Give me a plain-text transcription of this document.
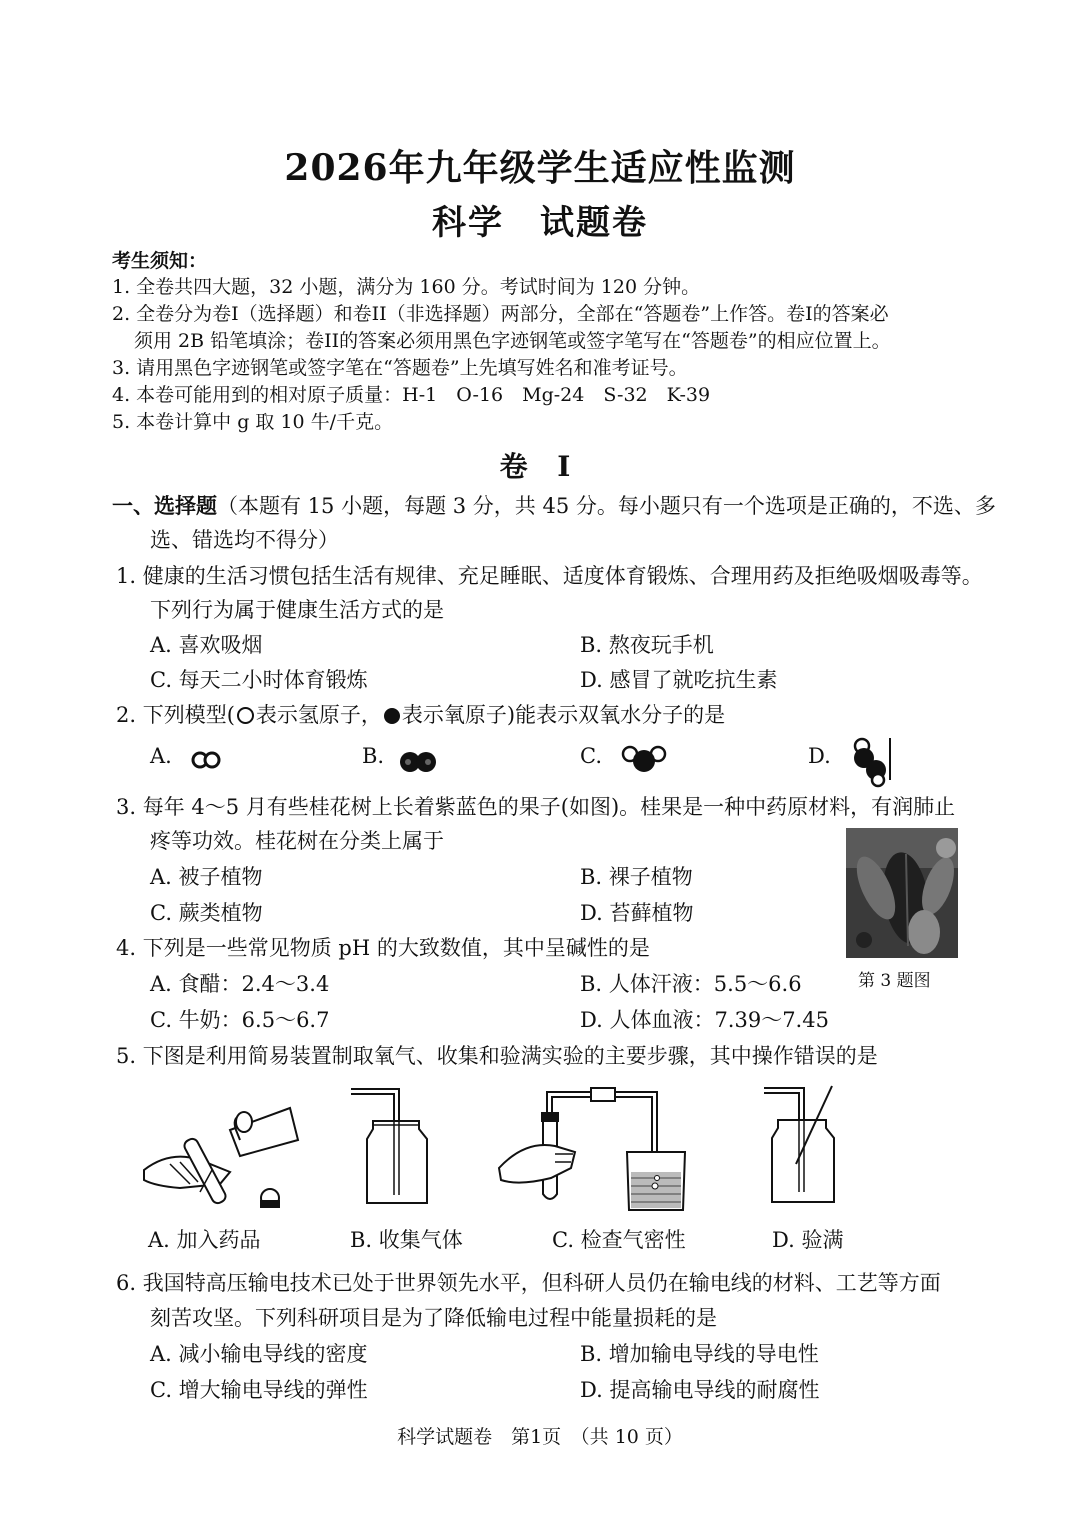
2026年九年级学生适应性监测
科学　试题卷
考生须知：
1. 全卷共四大题，32 小题，满分为 160 分。考试时间为 120 分钟。
2. 全卷分为卷I（选择题）和卷II（非选择题）两部分，全部在“答题卷”上作答。卷I的答案必
须用 2B 铅笔填涂；卷II的答案必须用黑色字迹钢笔或签字笔写在“答题卷”的相应位置上。
3. 请用黑色字迹钢笔或签字笔在“答题卷”上先填写姓名和准考证号。
4. 本卷可能用到的相对原子质量：H-1　O-16　Mg-24　S-32　K-39
5. 本卷计算中 g 取 10 牛/千克。
卷 I
一、选择题（本题有 15 小题，每题 3 分，共 45 分。每小题只有一个选项是正确的，不选、多
选、错选均不得分）
1. 健康的生活习惯包括生活有规律、充足睡眠、适度体育锻炼、合理用药及拒绝吸烟吸毒等。
下列行为属于健康生活方式的是
A. 喜欢吸烟	B. 熬夜玩手机
C. 每天二小时体育锻炼	D. 感冒了就吃抗生素
2. 下列模型( 表示氢原子， 表示氧原子)能表示双氧水分子的是
A.	B.	C.	D.
3. 每年 4～5 月有些桂花树上长着紫蓝色的果子(如图)。桂果是一种中药原材料，有润肺止
疼等功效。桂花树在分类上属于
A. 被子植物	B. 裸子植物
C. 蕨类植物	D. 苔藓植物
第 3 题图
4. 下列是一些常见物质 pH 的大致数值，其中呈碱性的是
A. 食醋：2.4～3.4	B. 人体汗液：5.5～6.6
C. 牛奶：6.5～6.7	D. 人体血液：7.39～7.45
5. 下图是利用简易装置制取氧气、收集和验满实验的主要步骤，其中操作错误的是
A. 加入药品	B. 收集气体	C. 检查气密性	D. 验满
6. 我国特高压输电技术已处于世界领先水平，但科研人员仍在输电线的材料、工艺等方面
刻苦攻坚。下列科研项目是为了降低输电过程中能量损耗的是
A. 减小输电导线的密度	B. 增加输电导线的导电性
C. 增大输电导线的弹性	D. 提高输电导线的耐腐性
科学试题卷　第1页　（共 10 页）
